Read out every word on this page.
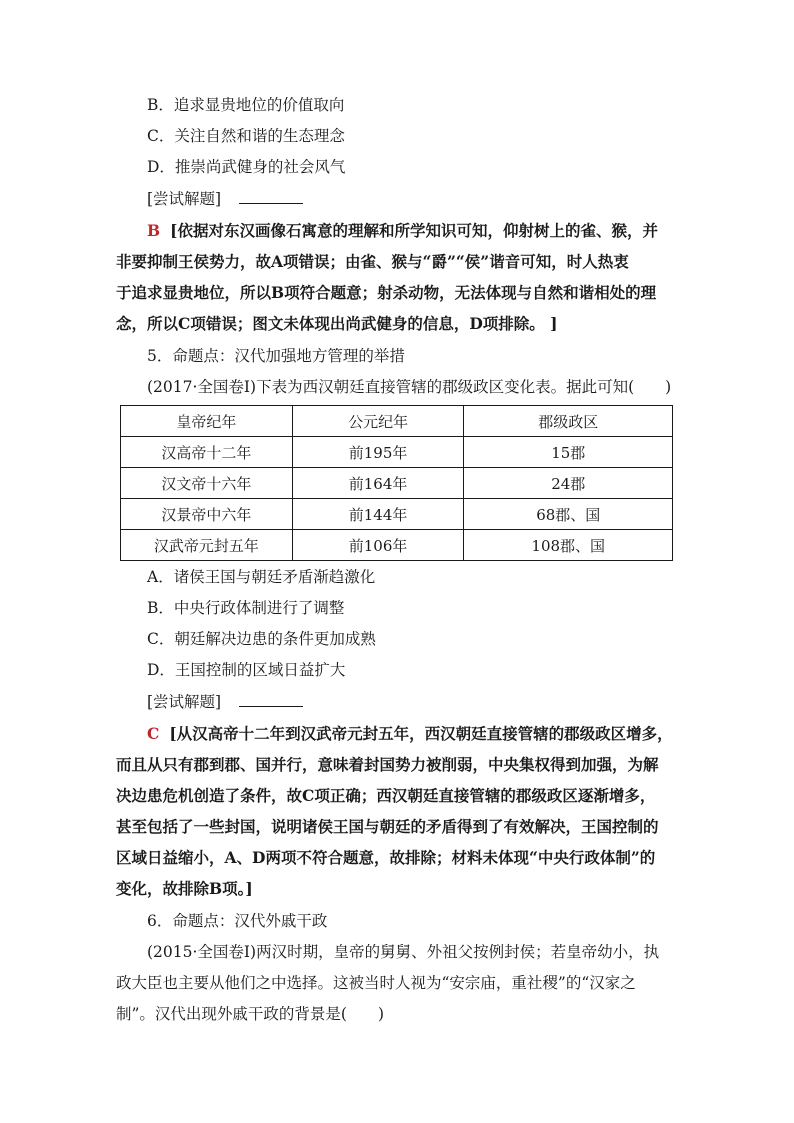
B．追求显贵地位的价值取向
C．关注自然和谐的生态理念
D．推崇尚武健身的社会风气
[尝试解题]
B [依据对东汉画像石寓意的理解和所学知识可知，仰射树上的雀、猴，并
非要抑制王侯势力，故A项错误；由雀、猴与“爵”“侯”谐音可知，时人热衷
于追求显贵地位，所以B项符合题意；射杀动物，无法体现与自然和谐相处的理
念，所以C项错误；图文未体现出尚武健身的信息，D项排除。 ]
5．命题点：汉代加强地方管理的举措
(2017·全国卷Ⅰ)下表为西汉朝廷直接管辖的郡级政区变化表。据此可知(　　)
皇帝纪年	公元纪年	郡级政区
汉高帝十二年	前195年	15郡
汉文帝十六年	前164年	24郡
汉景帝中六年	前144年	68郡、国
汉武帝元封五年	前106年	108郡、国
A．诸侯王国与朝廷矛盾渐趋激化
B．中央行政体制进行了调整
C．朝廷解决边患的条件更加成熟
D．王国控制的区域日益扩大
[尝试解题]
C [从汉高帝十二年到汉武帝元封五年，西汉朝廷直接管辖的郡级政区增多，
而且从只有郡到郡、国并行，意味着封国势力被削弱，中央集权得到加强，为解
决边患危机创造了条件，故C项正确；西汉朝廷直接管辖的郡级政区逐渐增多，
甚至包括了一些封国，说明诸侯王国与朝廷的矛盾得到了有效解决，王国控制的
区域日益缩小，A、D两项不符合题意，故排除；材料未体现“中央行政体制”的
变化，故排除B项。]
6．命题点：汉代外戚干政
(2015·全国卷Ⅰ)两汉时期，皇帝的舅舅、外祖父按例封侯；若皇帝幼小，执
政大臣也主要从他们之中选择。这被当时人视为“安宗庙，重社稷”的“汉家之
制”。汉代出现外戚干政的背景是(　　)
